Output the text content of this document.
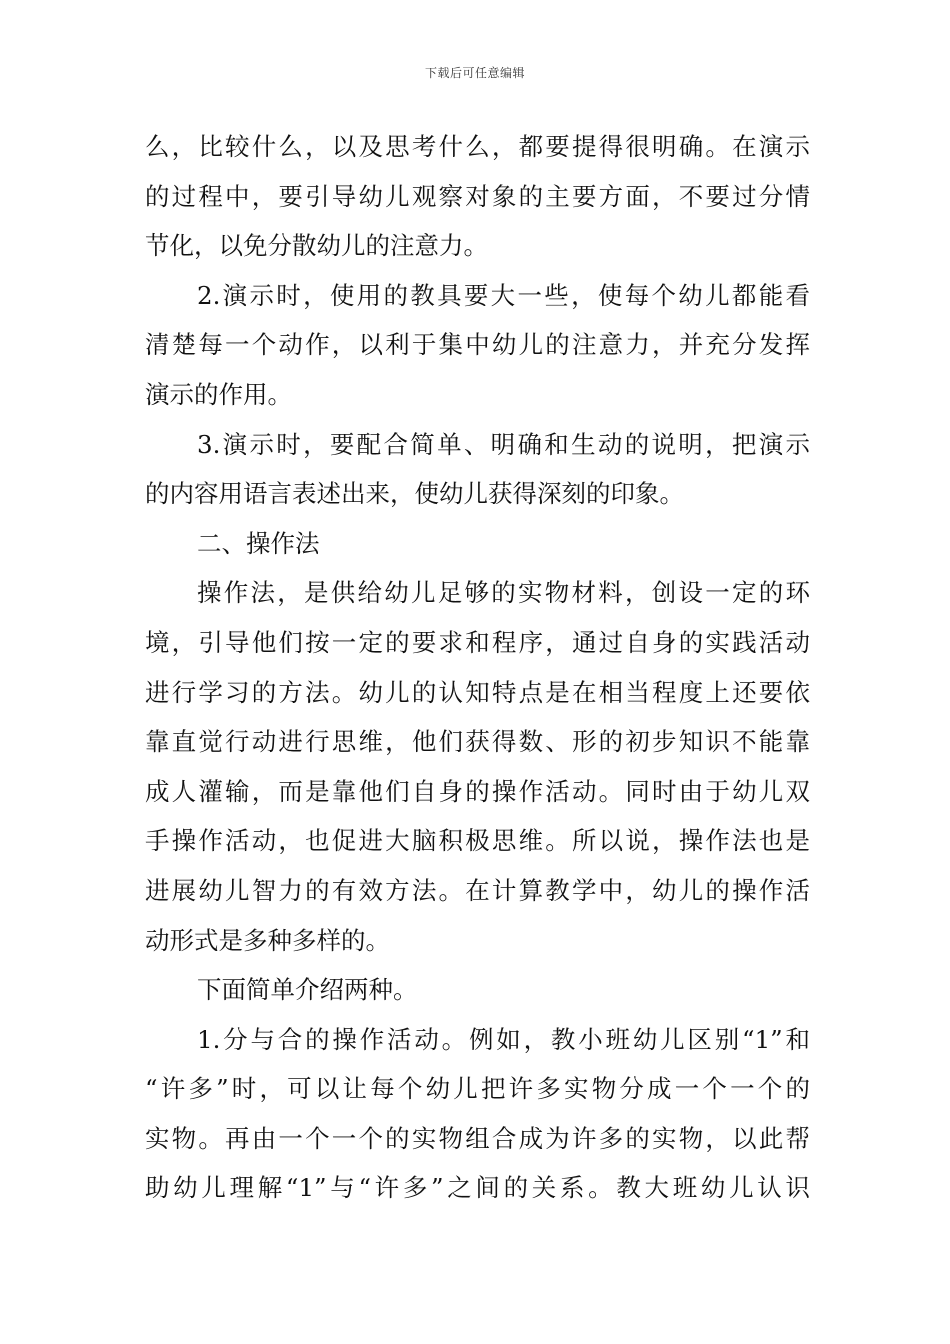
下载后可任意编辑
么，比较什么，以及思考什么，都要提得很明确。在演示
的过程中，要引导幼儿观察对象的主要方面，不要过分情
节化，以免分散幼儿的注意力。
2.演示时，使用的教具要大一些，使每个幼儿都能看
清楚每一个动作，以利于集中幼儿的注意力，并充分发挥
演示的作用。
3.演示时，要配合简单、明确和生动的说明，把演示
的内容用语言表述出来，使幼儿获得深刻的印象。
二、操作法
操作法，是供给幼儿足够的实物材料，创设一定的环
境，引导他们按一定的要求和程序，通过自身的实践活动
进行学习的方法。幼儿的认知特点是在相当程度上还要依
靠直觉行动进行思维，他们获得数、形的初步知识不能靠
成人灌输，而是靠他们自身的操作活动。同时由于幼儿双
手操作活动，也促进大脑积极思维。所以说，操作法也是
进展幼儿智力的有效方法。在计算教学中，幼儿的操作活
动形式是多种多样的。
下面简单介绍两种。
1.分与合的操作活动。例如，教小班幼儿区别“1”和
“许多”时，可以让每个幼儿把许多实物分成一个一个的
实物。再由一个一个的实物组合成为许多的实物，以此帮
助幼儿理解“1”与“许多”之间的关系。教大班幼儿认识
